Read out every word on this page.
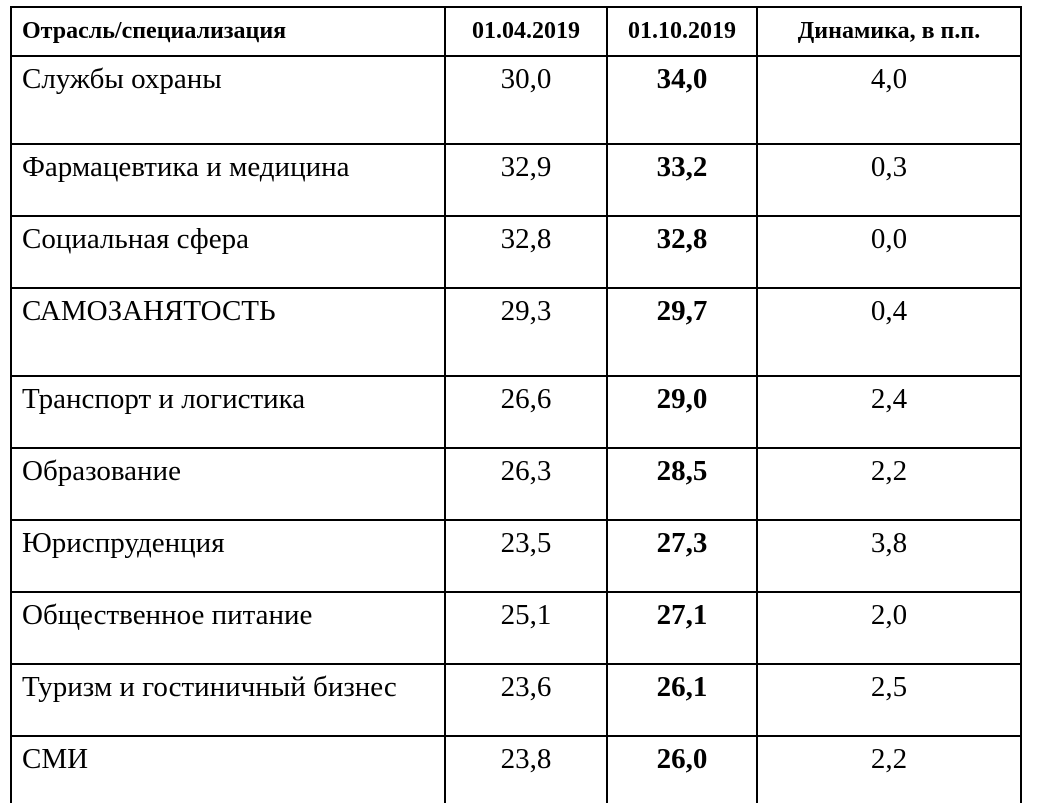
Отрасль/специализация	01.04.2019	01.10.2019	Динамика, в п.п.
Службы охраны	30,0	34,0	4,0
Фармацевтика и медицина	32,9	33,2	0,3
Социальная сфера	32,8	32,8	0,0
САМОЗАНЯТОСТЬ	29,3	29,7	0,4
Транспорт и логистика	26,6	29,0	2,4
Образование	26,3	28,5	2,2
Юриспруденция	23,5	27,3	3,8
Общественное питание	25,1	27,1	2,0
Туризм и гостиничный бизнес	23,6	26,1	2,5
СМИ	23,8	26,0	2,2
